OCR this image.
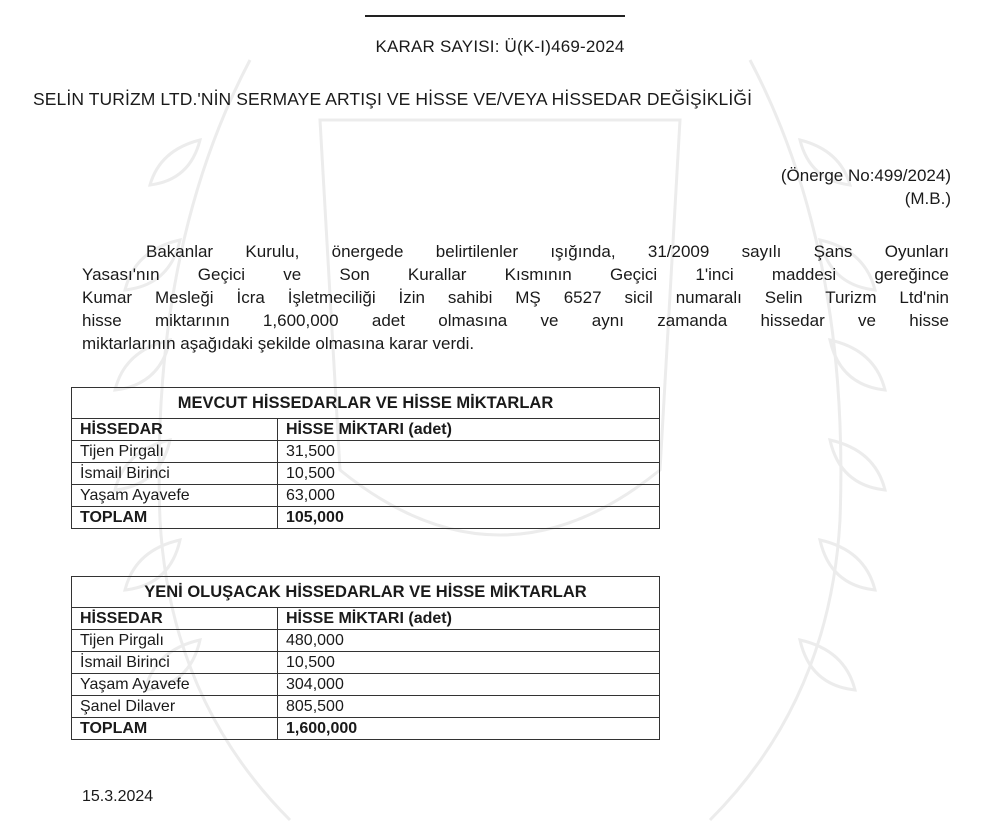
KARAR SAYISI: Ü(K-I)469-2024
SELİN TURİZM LTD.'NİN SERMAYE ARTIŞI VE HİSSE VE/VEYA HİSSEDAR DEĞİŞİKLİĞİ
(Önerge No:499/2024)
(M.B.)
Bakanlar Kurulu, önergede belirtilenler ışığında, 31/2009 sayılı Şans Oyunları
Yasası'nın Geçici ve Son Kurallar Kısmının Geçici 1'inci maddesi gereğince
Kumar Mesleği İcra İşletmeciliği İzin sahibi MŞ 6527 sicil numaralı Selin Turizm Ltd'nin
hisse miktarının 1,600,000 adet olmasına ve aynı zamanda hissedar ve hisse
miktarlarının aşağıdaki şekilde olmasına karar verdi.
MEVCUT HİSSEDARLAR VE HİSSE MİKTARLAR	
HİSSEDAR	HİSSE MİKTARI (adet)
Tijen Pirgalı	31,500
İsmail Birinci	10,500
Yaşam Ayavefe	63,000
TOPLAM	105,000
YENİ OLUŞACAK HİSSEDARLAR VE HİSSE MİKTARLAR	
HİSSEDAR	HİSSE MİKTARI (adet)
Tijen Pirgalı	480,000
İsmail Birinci	10,500
Yaşam Ayavefe	304,000
Şanel Dilaver	805,500
TOPLAM	1,600,000
15.3.2024
